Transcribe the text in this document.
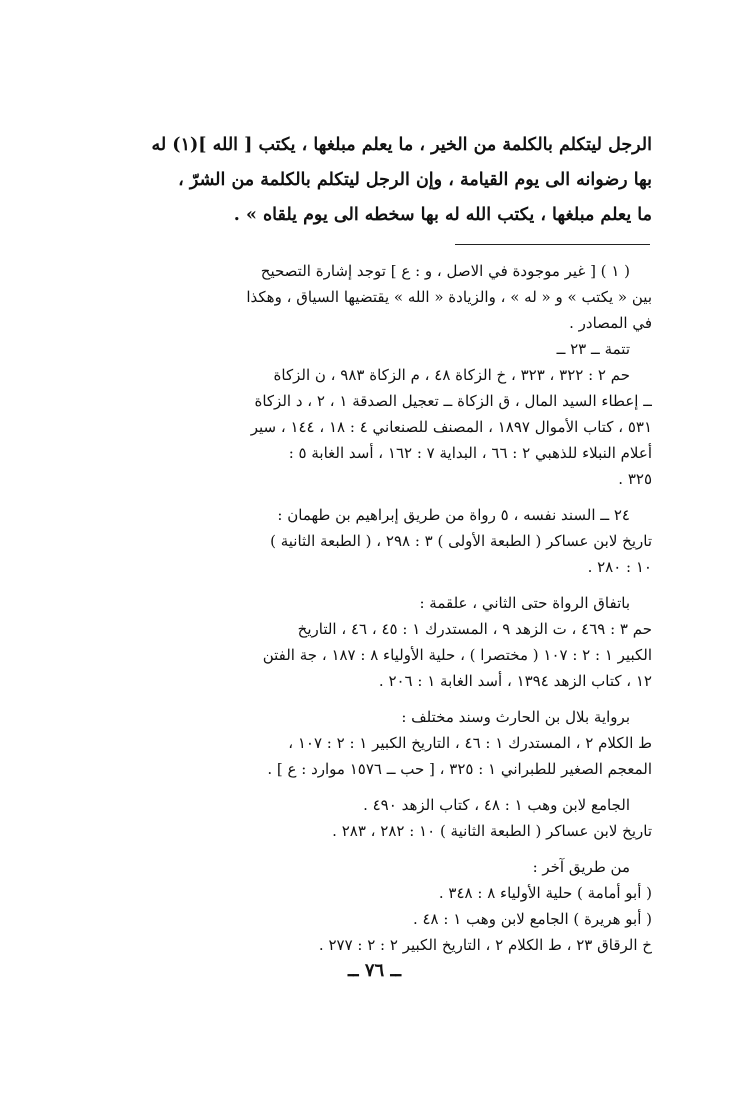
الرجل ليتكلم بالكلمة من الخير ، ما يعلم مبلغها ، يكتب [ الله ](١) له
بها رضوانه الى يوم القيامة ، وإن الرجل ليتكلم بالكلمة من الشرّ ،
ما يعلم مبلغها ، يكتب الله له بها سخطه الى يوم يلقاه » .
( ١ ) [ غير موجودة في الاصل ، و : ع ] توجد إشارة التصحيح
بين « يكتب » و « له » ، والزيادة « الله » يقتضيها السياق ، وهكذا
في المصادر .
تتمة ــ ٢٣ ــ
حم ٢ : ٣٢٢ ، ٣٢٣ ، خ الزكاة ٤٨ ، م الزكاة ٩٨٣ ، ن الزكاة
ــ إعطاء السيد المال ، ق الزكاة ــ تعجيل الصدقة ١ ، ٢ ، د الزكاة
٥٣١ ، كتاب الأموال ١٨٩٧ ، المصنف للصنعاني ٤ : ١٨ ، ١٤٤ ، سير
أعلام النبلاء للذهبي ٢ : ٦٦ ، البداية ٧ : ١٦٢ ، أسد الغابة ٥ :
٣٢٥ .
٢٤ ــ السند نفسه ، ٥ رواة من طريق إبراهيم بن طهمان :
تاريخ لابن عساكر ( الطبعة الأولى ) ٣ : ٢٩٨ ، ( الطبعة الثانية )
١٠ : ٢٨٠ .
باتفاق الرواة حتى الثاني ، علقمة :
حم ٣ : ٤٦٩ ، ت الزهد ٩ ، المستدرك ١ : ٤٥ ، ٤٦ ، التاريخ
الكبير ١ : ٢ : ١٠٧ ( مختصرا ) ، حلية الأولياء ٨ : ١٨٧ ، جة الفتن
١٢ ، كتاب الزهد ١٣٩٤ ، أسد الغابة ١ : ٢٠٦ .
برواية بلال بن الحارث وسند مختلف :
ط الكلام ٢ ، المستدرك ١ : ٤٦ ، التاريخ الكبير ١ : ٢ : ١٠٧ ،
المعجم الصغير للطبراني ١ : ٣٢٥ ، [ حب ــ ١٥٧٦ موارد : ع ] .
الجامع لابن وهب ١ : ٤٨ ، كتاب الزهد ٤٩٠ .
تاريخ لابن عساكر ( الطبعة الثانية ) ١٠ : ٢٨٢ ، ٢٨٣ .
من طريق آخر :
( أبو أمامة ) حلية الأولياء ٨ : ٣٤٨ .
( أبو هريرة ) الجامع لابن وهب ١ : ٤٨ .
خ الرقاق ٢٣ ، ط الكلام ٢ ، التاريخ الكبير ٢ : ٢ : ٢٧٧ .
ــ ٧٦ ــ
